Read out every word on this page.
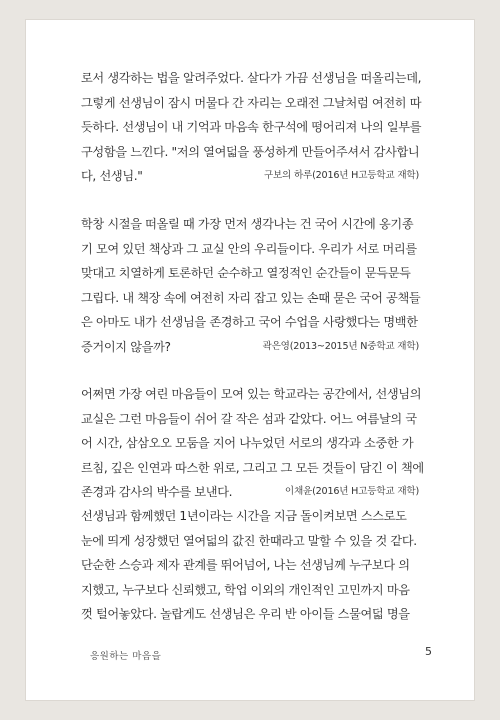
로서 생각하는 법을 알려주었다. 살다가 가끔 선생님을 떠올리는데,
그렇게 선생님이 잠시 머물다 간 자리는 오래전 그날처럼 여전히 따
듯하다. 선생님이 내 기억과 마음속 한구석에 떵어리져 나의 일부를
구성함을 느낀다. "저의 열여덟을 풍성하게 만들어주셔서 감사합니
다, 선생님."	구보의 하루(2016년 H고등학교 재학)
학창 시절을 떠올릴 때 가장 먼저 생각나는 건 국어 시간에 옹기종
기 모여 있던 책상과 그 교실 안의 우리들이다. 우리가 서로 머리를
맞대고 치열하게 토론하던 순수하고 열정적인 순간들이 문득문득
그립다. 내 책장 속에 여전히 자리 잡고 있는 손때 묻은 국어 공책들
은 아마도 내가 선생님을 존경하고 국어 수업을 사랑했다는 명백한
증거이지 않을까?	곽은영(2013~2015년 N중학교 재학)
어쩌면 가장 여린 마음들이 모여 있는 학교라는 공간에서, 선생님의
교실은 그런 마음들이 쉬어 갈 작은 섬과 같았다. 어느 여름날의 국
어 시간, 삼삼오오 모둠을 지어 나누었던 서로의 생각과 소중한 가
르침, 깊은 인연과 따스한 위로, 그리고 그 모든 것들이 담긴 이 책에
존경과 감사의 박수를 보낸다.	이채윤(2016년 H고등학교 재학)
선생님과 함께했던 1년이라는 시간을 지금 돌이켜보면 스스로도
눈에 띄게 성장했던 열여덟의 값진 한때라고 말할 수 있을 것 같다.
단순한 스승과 제자 관계를 뛰어넘어, 나는 선생님께 누구보다 의
지했고, 누구보다 신뢰했고, 학업 이외의 개인적인 고민까지 마음
껏 털어놓았다. 놀랍게도 선생님은 우리 반 아이들 스물여덟 명을
응원하는 마음을	5
